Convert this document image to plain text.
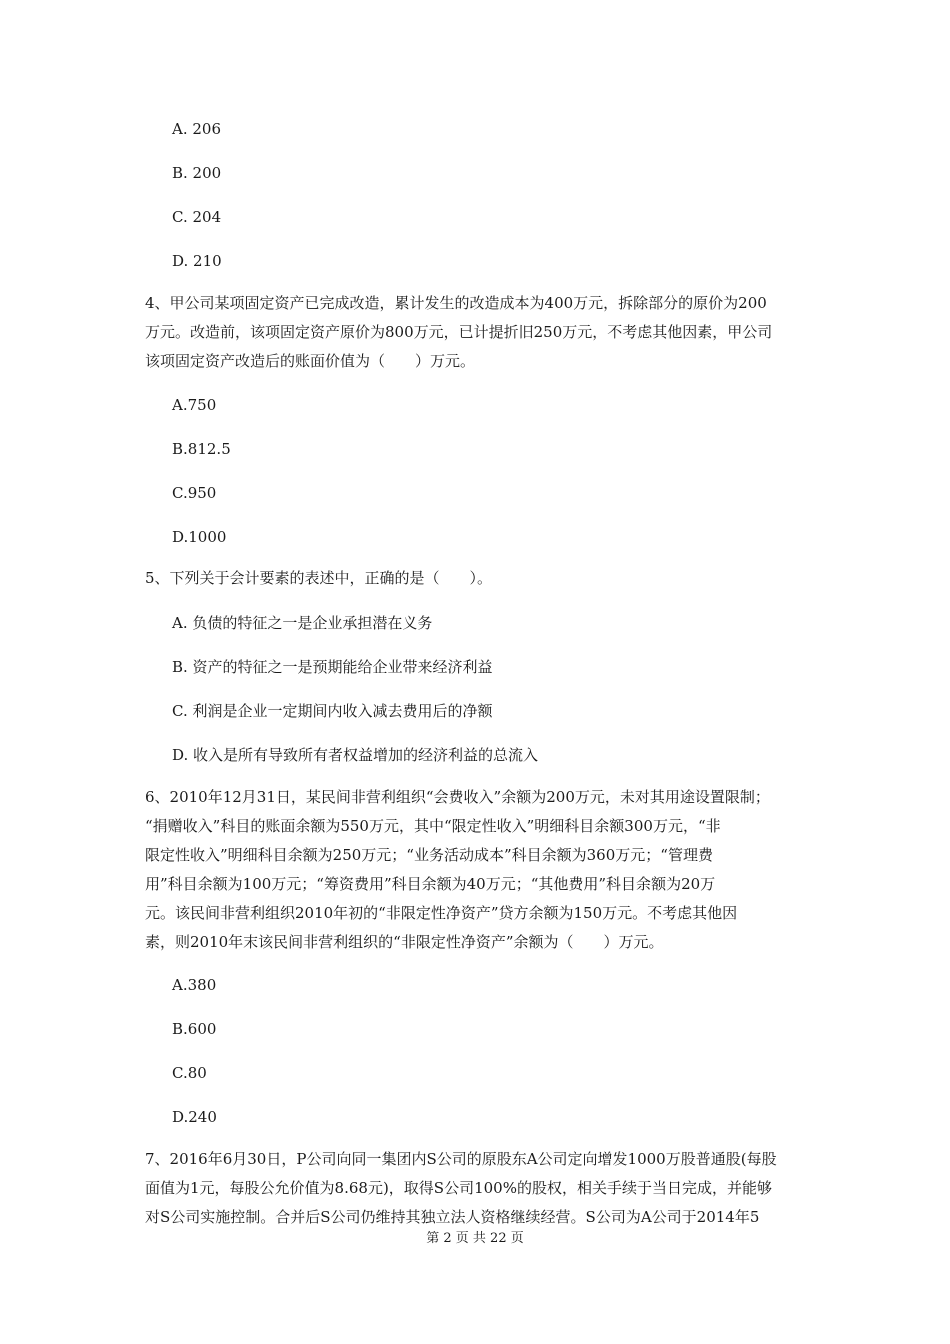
A. 206
B. 200
C. 204
D. 210

4、甲公司某项固定资产已完成改造，累计发生的改造成本为400万元，拆除部分的原价为200

万元。改造前，该项固定资产原价为800万元，已计提折旧250万元，不考虑其他因素，甲公司

该项固定资产改造后的账面价值为（　　）万元。

A.750
B.812.5
C.950
D.1000

5、下列关于会计要素的表述中，正确的是（　　）。

A. 负债的特征之一是企业承担潜在义务
B. 资产的特征之一是预期能给企业带来经济利益
C. 利润是企业一定期间内收入减去费用后的净额
D. 收入是所有导致所有者权益增加的经济利益的总流入

6、2010年12月31日，某民间非营利组织“会费收入”余额为200万元，未对其用途设置限制；

“捐赠收入”科目的账面余额为550万元，其中“限定性收入”明细科目余额300万元，“非

限定性收入”明细科目余额为250万元；“业务活动成本”科目余额为360万元；“管理费

用”科目余额为100万元；“筹资费用”科目余额为40万元；“其他费用”科目余额为20万

元。该民间非营利组织2010年初的“非限定性净资产”贷方余额为150万元。不考虑其他因

素，则2010年末该民间非营利组织的“非限定性净资产”余额为（　　）万元。

A.380
B.600
C.80
D.240

7、2016年6月30日，P公司向同一集团内S公司的原股东A公司定向增发1000万股普通股(每股

面值为1元，每股公允价值为8.68元)，取得S公司100%的股权，相关手续于当日完成，并能够

对S公司实施控制。合并后S公司仍维持其独立法人资格继续经营。S公司为A公司于2014年5

第 2 页 共 22 页
